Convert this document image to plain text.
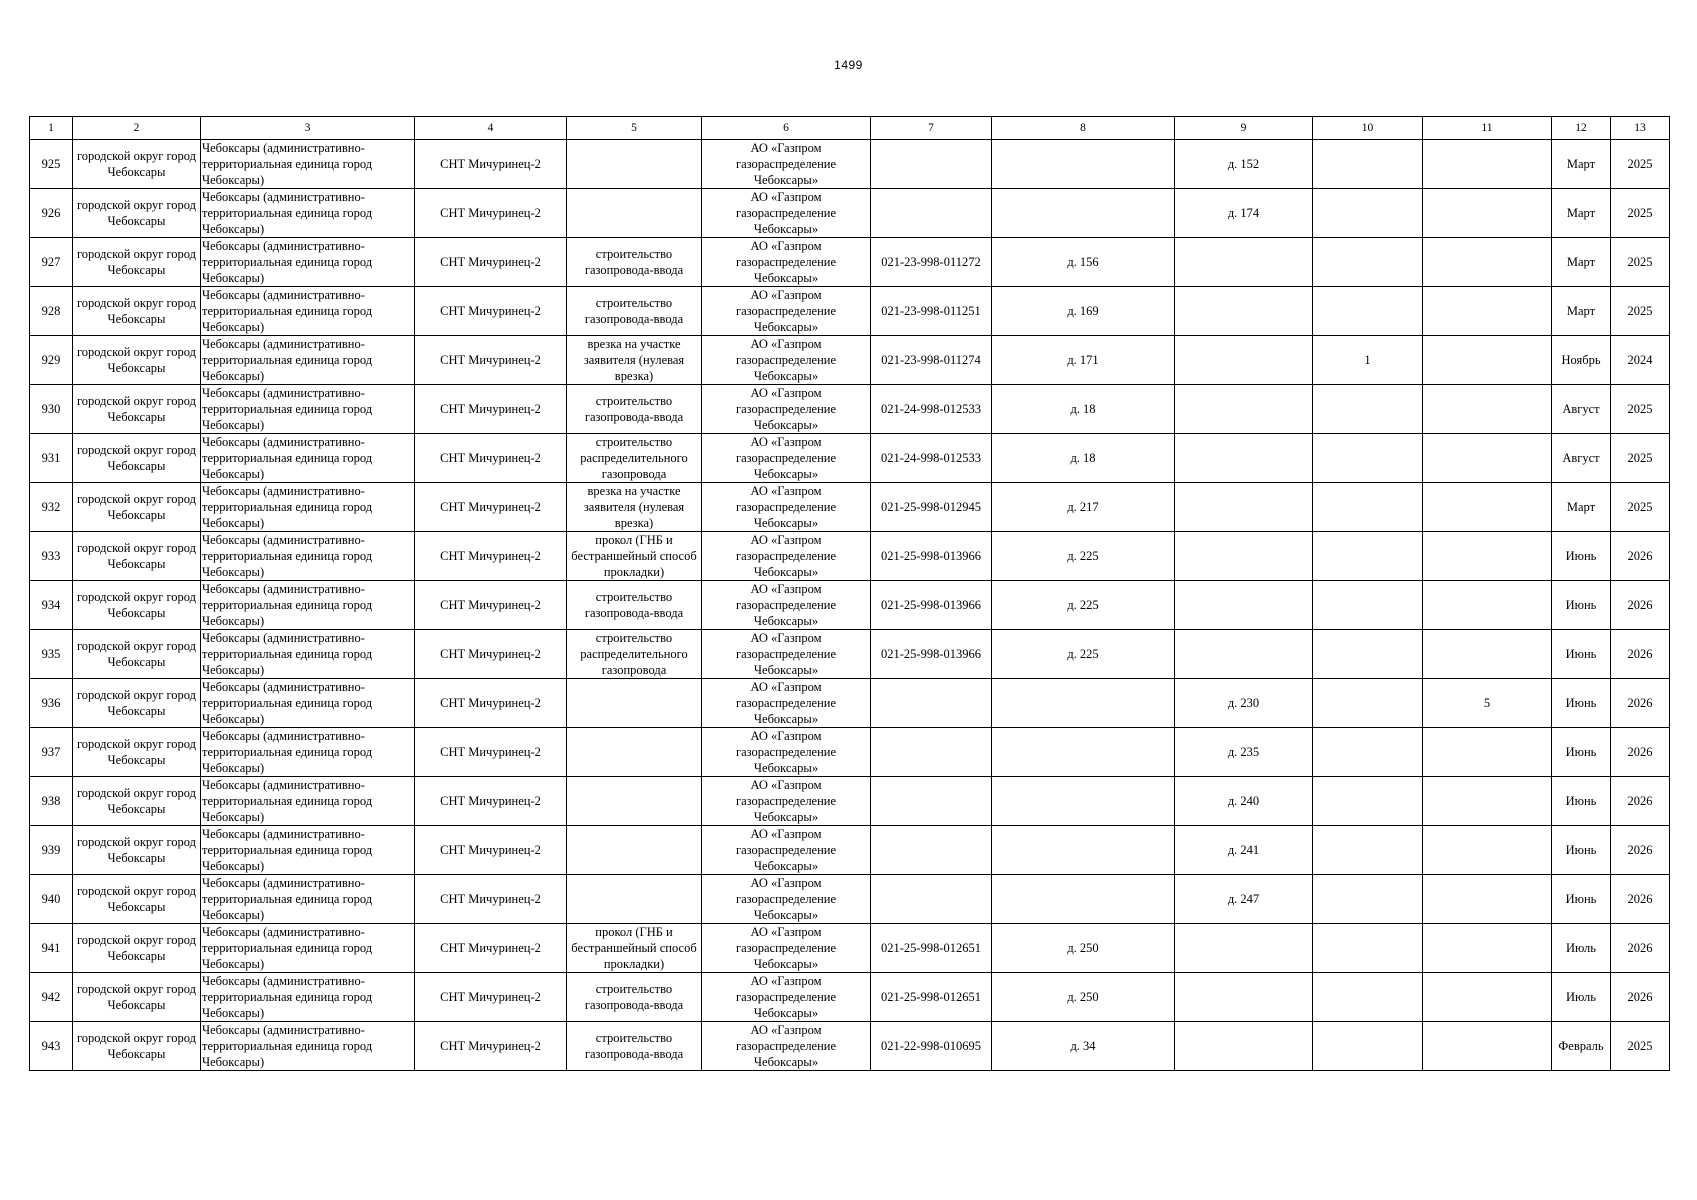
1499
1	2	3	4	5	6	7	8	9	10	11	12	13
925	городской округ город
Чебоксары	Чебоксары (административно-
территориальная единица город
Чебоксары)	СНТ Мичуринец-2		АО «Газпром
газораспределение
Чебоксары»			д. 152			Март	2025
926	городской округ город
Чебоксары	Чебоксары (административно-
территориальная единица город
Чебоксары)	СНТ Мичуринец-2		АО «Газпром
газораспределение
Чебоксары»			д. 174			Март	2025
927	городской округ город
Чебоксары	Чебоксары (административно-
территориальная единица город
Чебоксары)	СНТ Мичуринец-2	строительство
газопровода-ввода	АО «Газпром
газораспределение
Чебоксары»	021-23-998-011272	д. 156				Март	2025
928	городской округ город
Чебоксары	Чебоксары (административно-
территориальная единица город
Чебоксары)	СНТ Мичуринец-2	строительство
газопровода-ввода	АО «Газпром
газораспределение
Чебоксары»	021-23-998-011251	д. 169				Март	2025
929	городской округ город
Чебоксары	Чебоксары (административно-
территориальная единица город
Чебоксары)	СНТ Мичуринец-2	врезка на участке
заявителя (нулевая
врезка)	АО «Газпром
газораспределение
Чебоксары»	021-23-998-011274	д. 171		1		Ноябрь	2024
930	городской округ город
Чебоксары	Чебоксары (административно-
территориальная единица город
Чебоксары)	СНТ Мичуринец-2	строительство
газопровода-ввода	АО «Газпром
газораспределение
Чебоксары»	021-24-998-012533	д. 18				Август	2025
931	городской округ город
Чебоксары	Чебоксары (административно-
территориальная единица город
Чебоксары)	СНТ Мичуринец-2	строительство
распределительного
газопровода	АО «Газпром
газораспределение
Чебоксары»	021-24-998-012533	д. 18				Август	2025
932	городской округ город
Чебоксары	Чебоксары (административно-
территориальная единица город
Чебоксары)	СНТ Мичуринец-2	врезка на участке
заявителя (нулевая
врезка)	АО «Газпром
газораспределение
Чебоксары»	021-25-998-012945	д. 217				Март	2025
933	городской округ город
Чебоксары	Чебоксары (административно-
территориальная единица город
Чебоксары)	СНТ Мичуринец-2	прокол (ГНБ и
бестраншейный способ
прокладки)	АО «Газпром
газораспределение
Чебоксары»	021-25-998-013966	д. 225				Июнь	2026
934	городской округ город
Чебоксары	Чебоксары (административно-
территориальная единица город
Чебоксары)	СНТ Мичуринец-2	строительство
газопровода-ввода	АО «Газпром
газораспределение
Чебоксары»	021-25-998-013966	д. 225				Июнь	2026
935	городской округ город
Чебоксары	Чебоксары (административно-
территориальная единица город
Чебоксары)	СНТ Мичуринец-2	строительство
распределительного
газопровода	АО «Газпром
газораспределение
Чебоксары»	021-25-998-013966	д. 225				Июнь	2026
936	городской округ город
Чебоксары	Чебоксары (административно-
территориальная единица город
Чебоксары)	СНТ Мичуринец-2		АО «Газпром
газораспределение
Чебоксары»			д. 230		5	Июнь	2026
937	городской округ город
Чебоксары	Чебоксары (административно-
территориальная единица город
Чебоксары)	СНТ Мичуринец-2		АО «Газпром
газораспределение
Чебоксары»			д. 235			Июнь	2026
938	городской округ город
Чебоксары	Чебоксары (административно-
территориальная единица город
Чебоксары)	СНТ Мичуринец-2		АО «Газпром
газораспределение
Чебоксары»			д. 240			Июнь	2026
939	городской округ город
Чебоксары	Чебоксары (административно-
территориальная единица город
Чебоксары)	СНТ Мичуринец-2		АО «Газпром
газораспределение
Чебоксары»			д. 241			Июнь	2026
940	городской округ город
Чебоксары	Чебоксары (административно-
территориальная единица город
Чебоксары)	СНТ Мичуринец-2		АО «Газпром
газораспределение
Чебоксары»			д. 247			Июнь	2026
941	городской округ город
Чебоксары	Чебоксары (административно-
территориальная единица город
Чебоксары)	СНТ Мичуринец-2	прокол (ГНБ и
бестраншейный способ
прокладки)	АО «Газпром
газораспределение
Чебоксары»	021-25-998-012651	д. 250				Июль	2026
942	городской округ город
Чебоксары	Чебоксары (административно-
территориальная единица город
Чебоксары)	СНТ Мичуринец-2	строительство
газопровода-ввода	АО «Газпром
газораспределение
Чебоксары»	021-25-998-012651	д. 250				Июль	2026
943	городской округ город
Чебоксары	Чебоксары (административно-
территориальная единица город
Чебоксары)	СНТ Мичуринец-2	строительство
газопровода-ввода	АО «Газпром
газораспределение
Чебоксары»	021-22-998-010695	д. 34				Февраль	2025
